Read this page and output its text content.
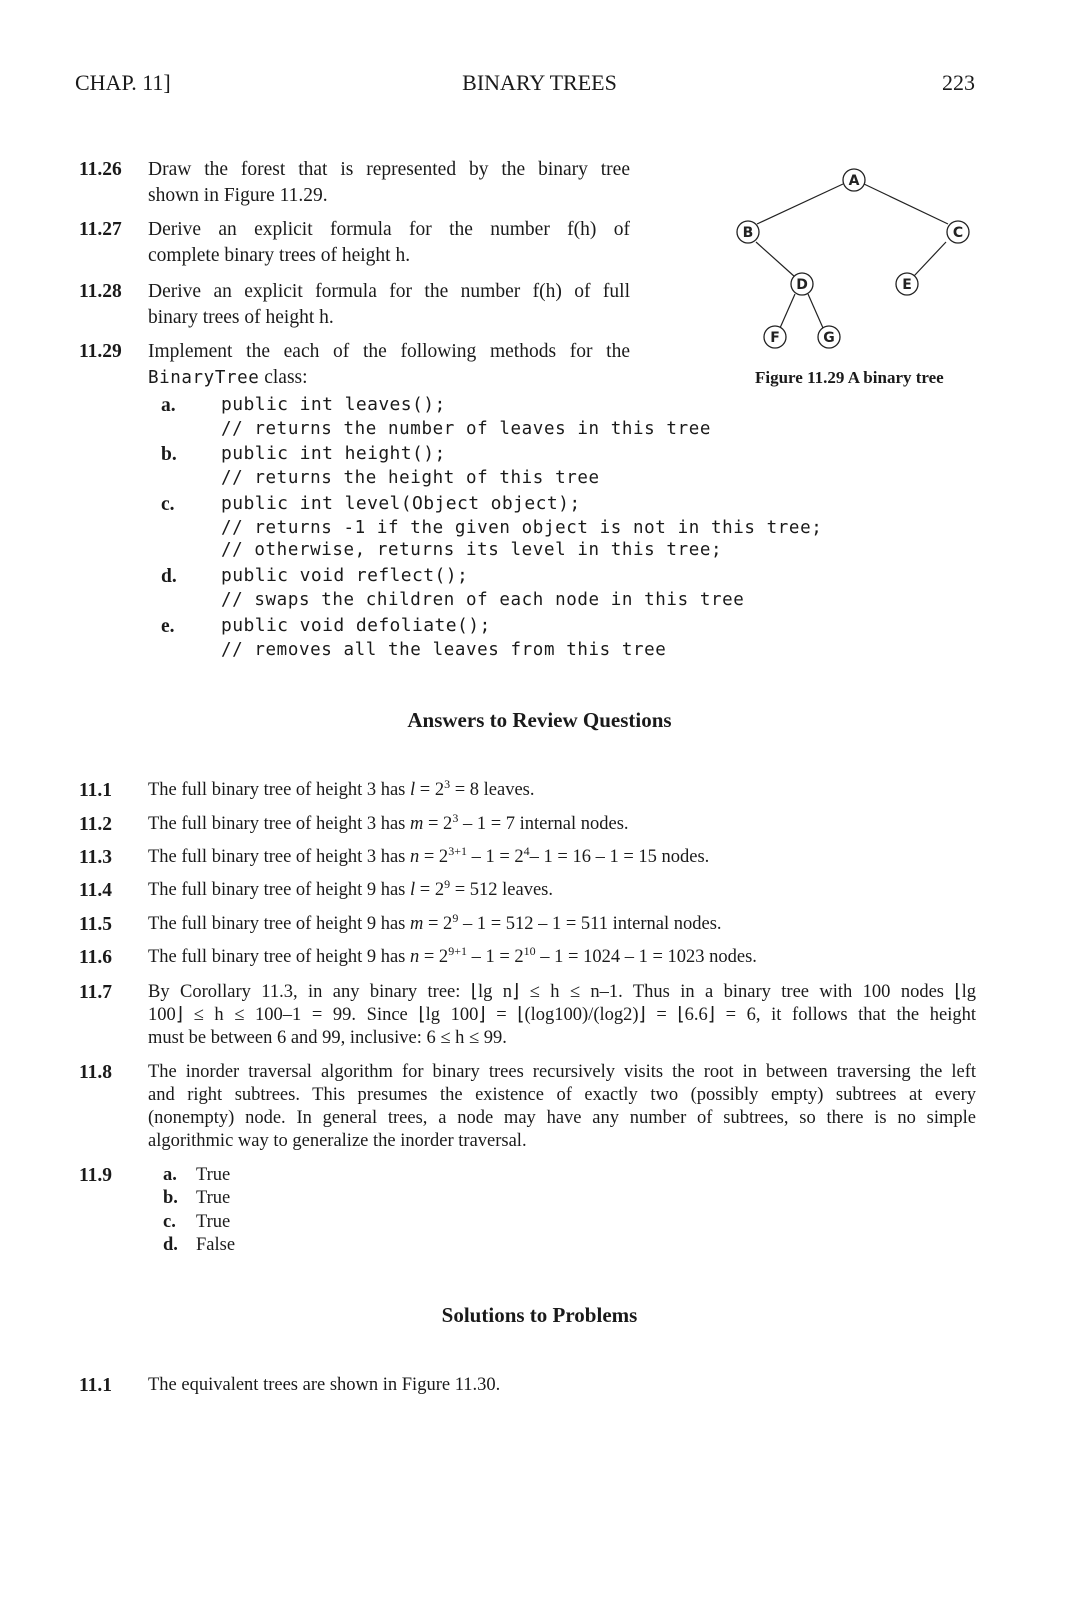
CHAP. 11]	BINARY TREES	223
11.26 Draw the forest that is represented by the binary tree
shown in Figure 11.29.
11.27 Derive an explicit formula for the number f(h) of
complete binary trees of height h.
11.28 Derive an explicit formula for the number f(h) of full
binary trees of height h.
11.29 Implement the each of the following methods for the
BinaryTree class:
a.	public int leaves();
// returns the number of leaves in this tree
b. public int height();
// returns the height of this tree
c.	public int level(Object object);
// returns -1 if the given object is not in this tree;
// otherwise, returns its level in this tree;
d. public void reflect();
// swaps the children of each node in this tree
e.	public void defoliate();
// removes all the leaves from this tree
A
B	C
D	E
F	G
Figure 11.29 A binary tree
Answers to Review Questions
11.1 The full binary tree of height 3 has $l = 2^3 = 8$ leaves.
11.2 The full binary tree of height 3 has $m = 2^3 - 1 = 7$ internal nodes.
11.3 The full binary tree of height 3 has $n = 2^{3+1} - 1 = 2^4-$ 1 = 16 – 1 = 15 nodes.
11.4 The full binary tree of height 9 has $l = 2^9 = 512$ leaves.
11.5 The full binary tree of height 9 has $m = 2^9 - 1 = 512 - 1 = 511$ internal nodes.
11.6 The full binary tree of height 9 has $n = 2^{9+1} - 1 = 2^{10} - 1 = 1024 - 1 = 1023$ nodes.
11.7 By Corollary 11.3, in any binary tree: ⌊lg n⌋ ≤ h ≤ n–1. Thus in a binary tree with 100 nodes ⌊lg
100⌋ ≤ h ≤ 100–1 = 99. Since ⌊lg 100⌋ = ⌊(log100)/(log2)⌋ = ⌊6.6⌋ = 6, it follows that the height
must be between 6 and 99, inclusive: 6 ≤ h ≤ 99.
11.8 The inorder traversal algorithm for binary trees recursively visits the root in between traversing the left
and right subtrees. This presumes the existence of exactly two (possibly empty) subtrees at every
(nonempty) node. In general trees, a node may have any number of subtrees, so there is no simple
algorithmic way to generalize the inorder traversal.
11.9	a. True
b. True
c. True
d. False
Solutions to Problems
11.1 The equivalent trees are shown in Figure 11.30.
